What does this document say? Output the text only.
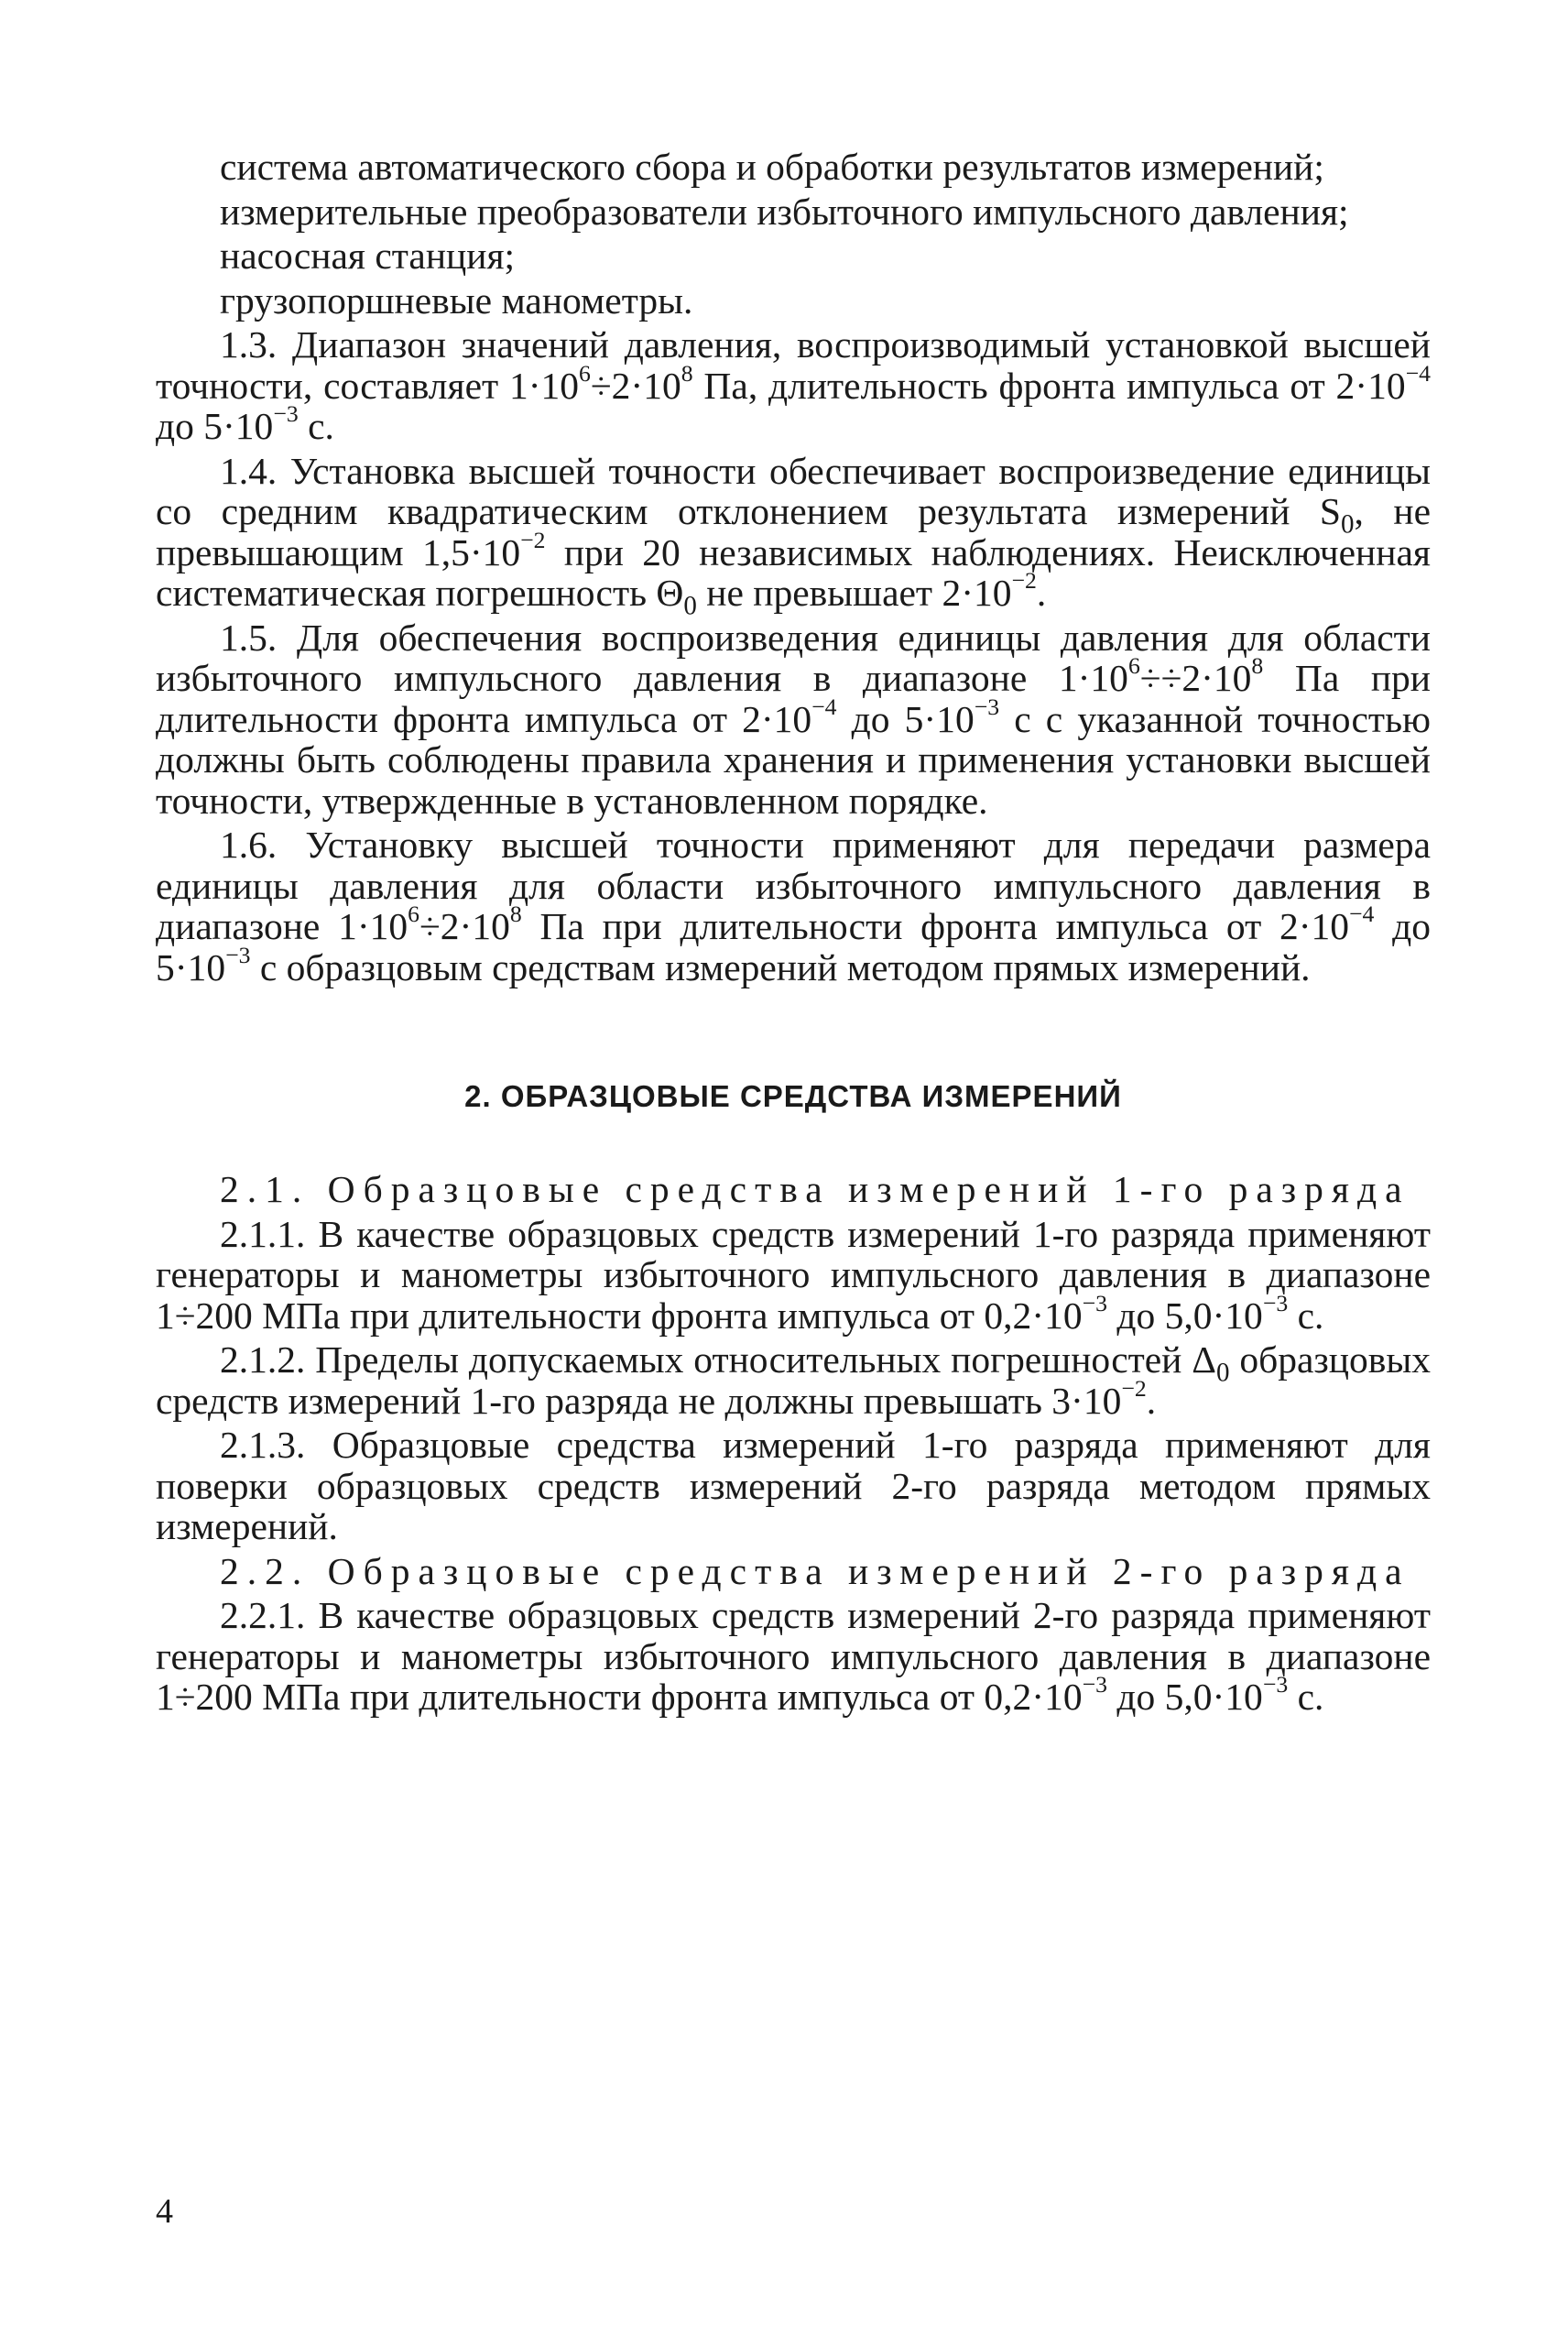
система автоматического сбора и обработки результатов измерений;
измерительные преобразователи избыточного импульсного давления;
насосная станция;
грузопоршневые манометры.
1.3. Диапазон значений давления, воспроизводимый установкой высшей точности, составляет $1\cdot 10^6\div 2\cdot 10^8$ Па, длительность фронта импульса от $2\cdot 10^{-4}$ до $5\cdot 10^{-3}$ с.
1.4. Установка высшей точности обеспечивает воспроизведение единицы со средним квадратическим отклонением результата измерений $S_0$, не превышающим $1,5\cdot 10^{-2}$ при 20 независимых наблюдениях. Неисключенная систематическая погрешность $\Theta_0$ не превышает $2\cdot 10^{-2}$.
1.5. Для обеспечения воспроизведения единицы давления для области избыточного импульсного давления в диапазоне $1\cdot 10^6\div\div 2\cdot 10^8$ Па при длительности фронта импульса от $2\cdot 10^{-4}$ до $5\cdot 10^{-3}$ с с указанной точностью должны быть соблюдены правила хранения и применения установки высшей точности, утвержденные в установленном порядке.
1.6. Установку высшей точности применяют для передачи размера единицы давления для области избыточного импульсного давления в диапазоне $1\cdot 10^6\div 2\cdot 10^8$ Па при длительности фронта импульса от $2\cdot 10^{-4}$ до $5\cdot 10^{-3}$ с образцовым средствам измерений методом прямых измерений.
2. ОБРАЗЦОВЫЕ СРЕДСТВА ИЗМЕРЕНИЙ
2.1. Образцовые средства измерений 1-го разряда
2.1.1. В качестве образцовых средств измерений 1-го разряда применяют генераторы и манометры избыточного импульсного давления в диапазоне 1÷200 МПа при длительности фронта импульса от $0,2\cdot 10^{-3}$ до $5,0\cdot 10^{-3}$ с.
2.1.2. Пределы допускаемых относительных погрешностей $\Delta_0$ образцовых средств измерений 1-го разряда не должны превышать $3\cdot 10^{-2}$.
2.1.3. Образцовые средства измерений 1-го разряда применяют для поверки образцовых средств измерений 2-го разряда методом прямых измерений.
2.2. Образцовые средства измерений 2-го разряда
2.2.1. В качестве образцовых средств измерений 2-го разряда применяют генераторы и манометры избыточного импульсного давления в диапазоне 1÷200 МПа при длительности фронта импульса от $0,2\cdot 10^{-3}$ до $5,0\cdot 10^{-3}$ с.
4
